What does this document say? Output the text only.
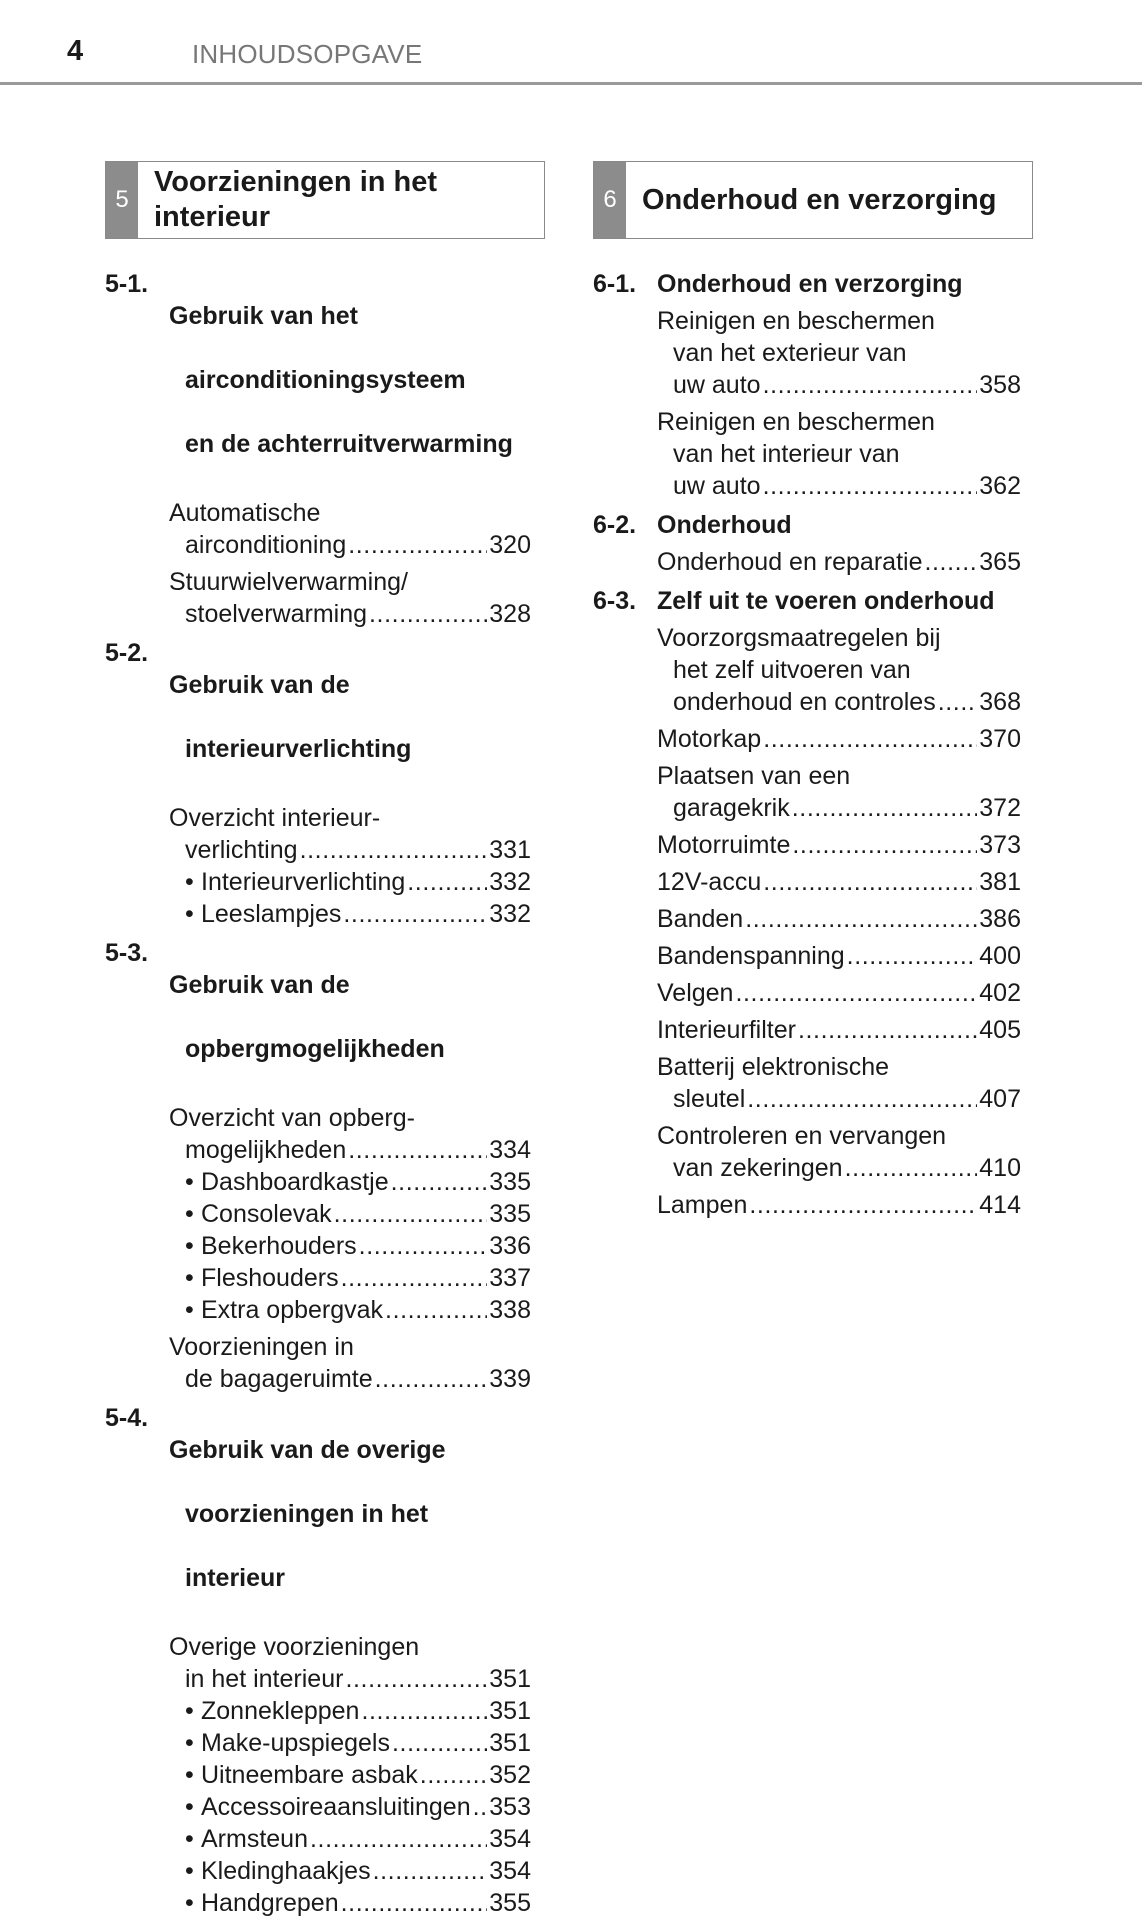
4	INHOUDSOPGAVE
5
Voorzieningen in het interieur
6 Onderhoud en verzorging
5-1.

Gebruik van het

airconditioningsysteem

en de achterruitverwarming

Automatische
airconditioning .....	320
Stuurwielverwarming/
stoelverwarming .....	328
5-2.

Gebruik van de

interieurverlichting

Overzicht interieur-
verlichting .....	331
• Interieurverlichting .....	332
• Leeslampjes .....	332
5-3.

Gebruik van de

opbergmogelijkheden

Overzicht van opberg-
mogelijkheden .....	334
• Dashboardkastje .....	335
• Consolevak .....	335
• Bekerhouders .....	336
• Fleshouders .....	337
• Extra opbergvak .....	338
Voorzieningen in
de bagageruimte .....	339
5-4.

Gebruik van de overige

voorzieningen in het

interieur

Overige voorzieningen
in het interieur .....	351
• Zonnekleppen .....	351
• Make-upspiegels .....	351
• Uitneembare asbak .....	352
• Accessoireaansluitingen ..... 353
• Armsteun .....	354
• Kledinghaakjes .....	354
• Handgrepen .....	355
6-1. Onderhoud en verzorging
Reinigen en beschermen
van het exterieur van
uw auto .....	358
Reinigen en beschermen
van het interieur van
uw auto .....	362
6-2. Onderhoud
Onderhoud en reparatie ..... 365
6-3. Zelf uit te voeren onderhoud
Voorzorgsmaatregelen bij
het zelf uitvoeren van
onderhoud en controles ..... 368
Motorkap .....	370
Plaatsen van een
garagekrik .....	372
Motorruimte .....	373
12V-accu .....	381
Banden .....	386
Bandenspanning .....	400
Velgen .....	402
Interieurfilter .....	405
Batterij elektronische
sleutel .....	407
Controleren en vervangen
van zekeringen .....	410
Lampen .....	414
